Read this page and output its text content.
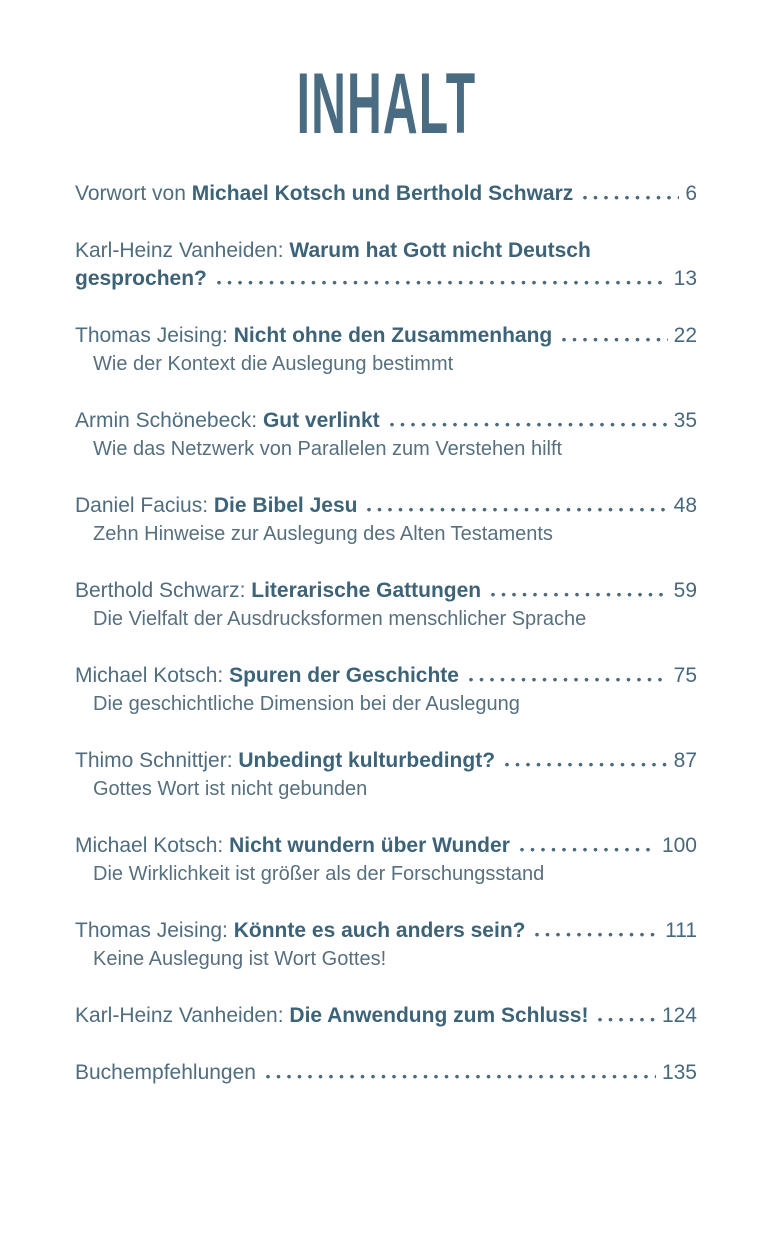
INHALT
Vorwort von Michael Kotsch und Berthold Schwarz	6
Karl-Heinz Vanheiden: Warum hat Gott nicht Deutsch
gesprochen?	13
Thomas Jeising: Nicht ohne den Zusammenhang	22
Wie der Kontext die Auslegung bestimmt
Armin Schönebeck: Gut verlinkt	35
Wie das Netzwerk von Parallelen zum Verstehen hilft
Daniel Facius: Die Bibel Jesu	48
Zehn Hinweise zur Auslegung des Alten Testaments
Berthold Schwarz: Literarische Gattungen	59
Die Vielfalt der Ausdrucksformen menschlicher Sprache
Michael Kotsch: Spuren der Geschichte	75
Die geschichtliche Dimension bei der Auslegung
Thimo Schnittjer: Unbedingt kulturbedingt?	87
Gottes Wort ist nicht gebunden
Michael Kotsch: Nicht wundern über Wunder	100
Die Wirklichkeit ist größer als der Forschungsstand
Thomas Jeising: Könnte es auch anders sein?	111
Keine Auslegung ist Wort Gottes!
Karl-Heinz Vanheiden: Die Anwendung zum Schluss!	124
Buchempfehlungen	135
